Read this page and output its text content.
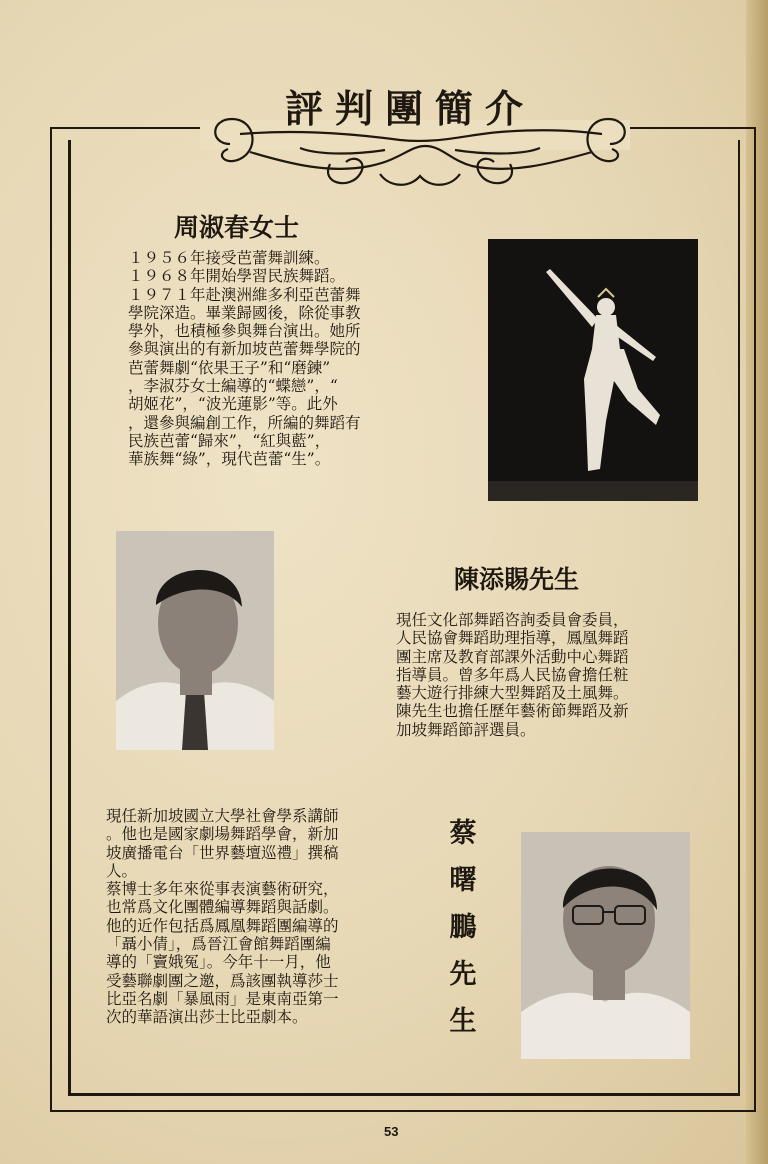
評判團簡介
周淑春女士

１９５６年接受芭蕾舞訓練。

１９６８年開始學習民族舞蹈。

１９７１年赴澳洲維多利亞芭蕾舞

學院深造。畢業歸國後，除從事教

學外，也積極參與舞台演出。她所

參與演出的有新加坡芭蕾舞學院的

芭蕾舞劇“依果王子”和“磨鍊”

，李淑芬女士編導的“蝶戀”，“

胡姬花”，“波光蓮影”等。此外

，還參與編創工作，所編的舞蹈有

民族芭蕾“歸來”，“紅與藍”，

華族舞“綠”，現代芭蕾“生”。

陳添賜先生

現任文化部舞蹈咨詢委員會委員，

人民協會舞蹈助理指導，鳳凰舞蹈

團主席及教育部課外活動中心舞蹈

指導員。曾多年爲人民協會擔任粧

藝大遊行排練大型舞蹈及土風舞。

陳先生也擔任歷年藝術節舞蹈及新

加坡舞蹈節評選員。

現任新加坡國立大學社會學系講師

。他也是國家劇場舞蹈學會，新加

坡廣播電台「世界藝壇巡禮」撰稿

人。

蔡博士多年來從事表演藝術研究，

也常爲文化團體編導舞蹈與話劇。

他的近作包括爲鳳凰舞蹈團編導的

「聶小倩」，爲晉江會館舞蹈團編

導的「竇娥冤」。今年十一月，他

受藝聯劇團之邀，爲該團執導莎士

比亞名劇「暴風雨」是東南亞第一

次的華語演出莎士比亞劇本。

蔡
曙
鵬
先
生
53
